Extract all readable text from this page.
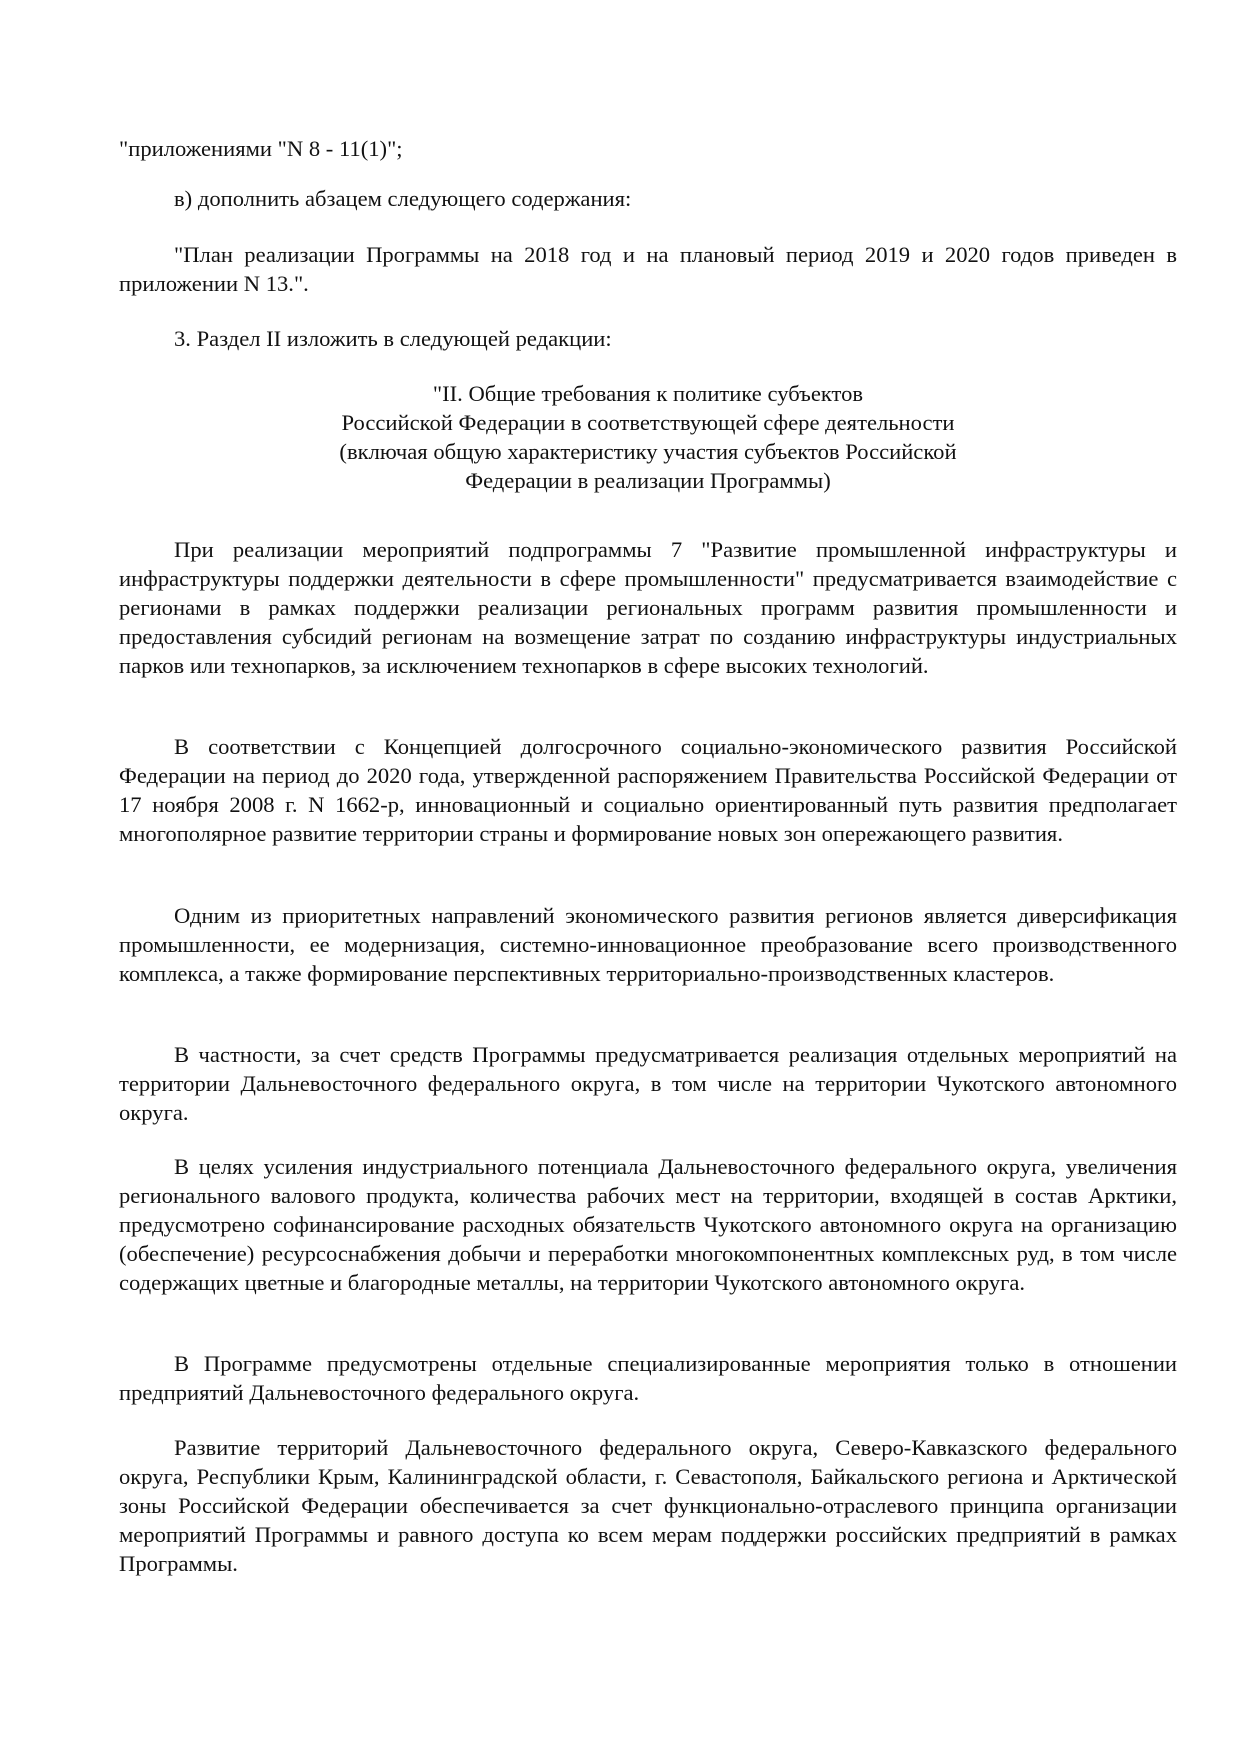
"приложениями "N 8 - 11(1)";

в) дополнить абзацем следующего содержания:

"План реализации Программы на 2018 год и на плановый период 2019 и 2020 годов приведен в приложении N 13.".

3. Раздел II изложить в следующей редакции:

"II. Общие требования к политике субъектов
Российской Федерации в соответствующей сфере деятельности
(включая общую характеристику участия субъектов Российской
Федерации в реализации Программы)

При реализации мероприятий подпрограммы 7 "Развитие промышленной инфраструктуры и инфраструктуры поддержки деятельности в сфере промышленности" предусматривается взаимодействие с регионами в рамках поддержки реализации региональных программ развития промышленности и предоставления субсидий регионам на возмещение затрат по созданию инфраструктуры индустриальных парков или технопарков, за исключением технопарков в сфере высоких технологий.

В соответствии с Концепцией долгосрочного социально-экономического развития Российской Федерации на период до 2020 года, утвержденной распоряжением Правительства Российской Федерации от 17 ноября 2008 г. N 1662-р, инновационный и социально ориентированный путь развития предполагает многополярное развитие территории страны и формирование новых зон опережающего развития.

Одним из приоритетных направлений экономического развития регионов является диверсификация промышленности, ее модернизация, системно-инновационное преобразование всего производственного комплекса, а также формирование перспективных территориально-производственных кластеров.

В частности, за счет средств Программы предусматривается реализация отдельных мероприятий на территории Дальневосточного федерального округа, в том числе на территории Чукотского автономного округа.

В целях усиления индустриального потенциала Дальневосточного федерального округа, увеличения регионального валового продукта, количества рабочих мест на территории, входящей в состав Арктики, предусмотрено софинансирование расходных обязательств Чукотского автономного округа на организацию (обеспечение) ресурсоснабжения добычи и переработки многокомпонентных комплексных руд, в том числе содержащих цветные и благородные металлы, на территории Чукотского автономного округа.

В Программе предусмотрены отдельные специализированные мероприятия только в отношении предприятий Дальневосточного федерального округа.

Развитие территорий Дальневосточного федерального округа, Северо-Кавказского федерального округа, Республики Крым, Калининградской области, г. Севастополя, Байкальского региона и Арктической зоны Российской Федерации обеспечивается за счет функционально-отраслевого принципа организации мероприятий Программы и равного доступа ко всем мерам поддержки российских предприятий в рамках Программы.
